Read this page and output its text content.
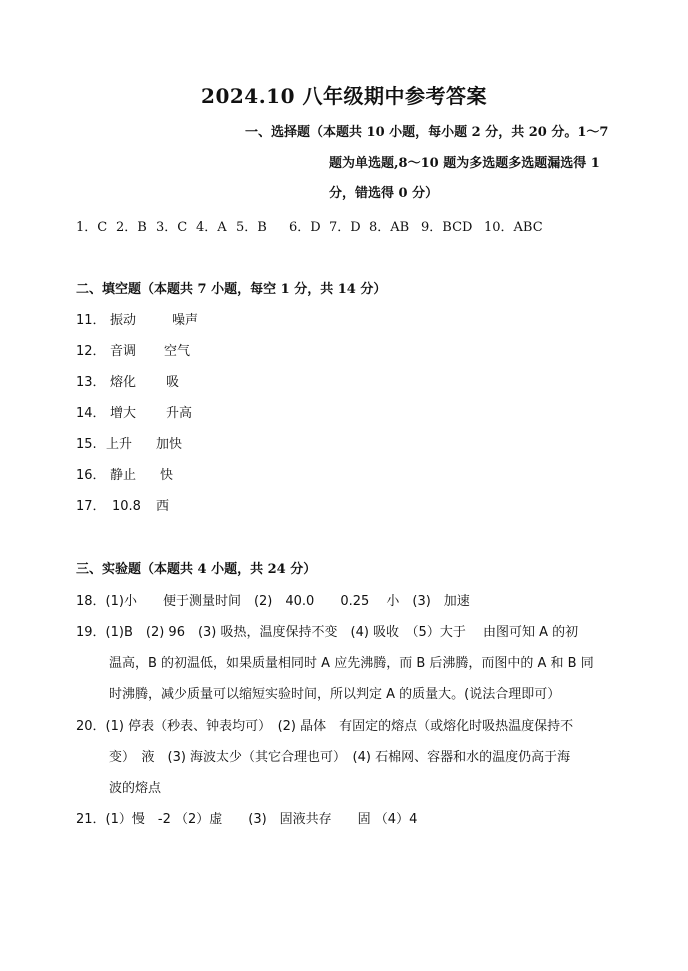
2024.10 八年级期中参考答案
一、选择题（本题共 10 小题，每小题 2 分，共 20 分。1～7
题为单选题,8～10 题为多选题多选题漏选得 1
分，错选得 0 分）
1．C 2．B 3．C 4．A 5．B 6．D 7．D 8．AB 9．BCD 10．ABC
二、填空题（本题共 7 小题，每空 1 分，共 14 分）
11． 振动	噪声
12． 音调 空气
13． 熔化 吸
14． 增大 升高
15. 上升 加快
16． 静止 快
17． 10.8 西
三、实验题（本题共 4 小题，共 24 分）
18．(1)小　　便于测量时间　(2)　40.0　　0.25　 小　(3)　加速
19．(1)B　(2) 96　(3) 吸热，温度保持不变　(4) 吸收　（5）大于　 由图可知 A 的初
温高，B 的初温低，如果质量相同时 A 应先沸腾，而 B 后沸腾，而图中的 A 和 B 同
时沸腾，减少质量可以缩短实验时间，所以判定 A 的质量大。(说法合理即可）
20．(1) 停表（秒表、钟表均可）　(2) 晶体　有固定的熔点（或熔化时吸热温度保持不
变）　液　(3) 海波太少（其它合理也可）　(4) 石棉网、容器和水的温度仍高于海
波的熔点
21．(1）慢　-2 （2）虚　　(3)　固液共存　　固 （4）4
